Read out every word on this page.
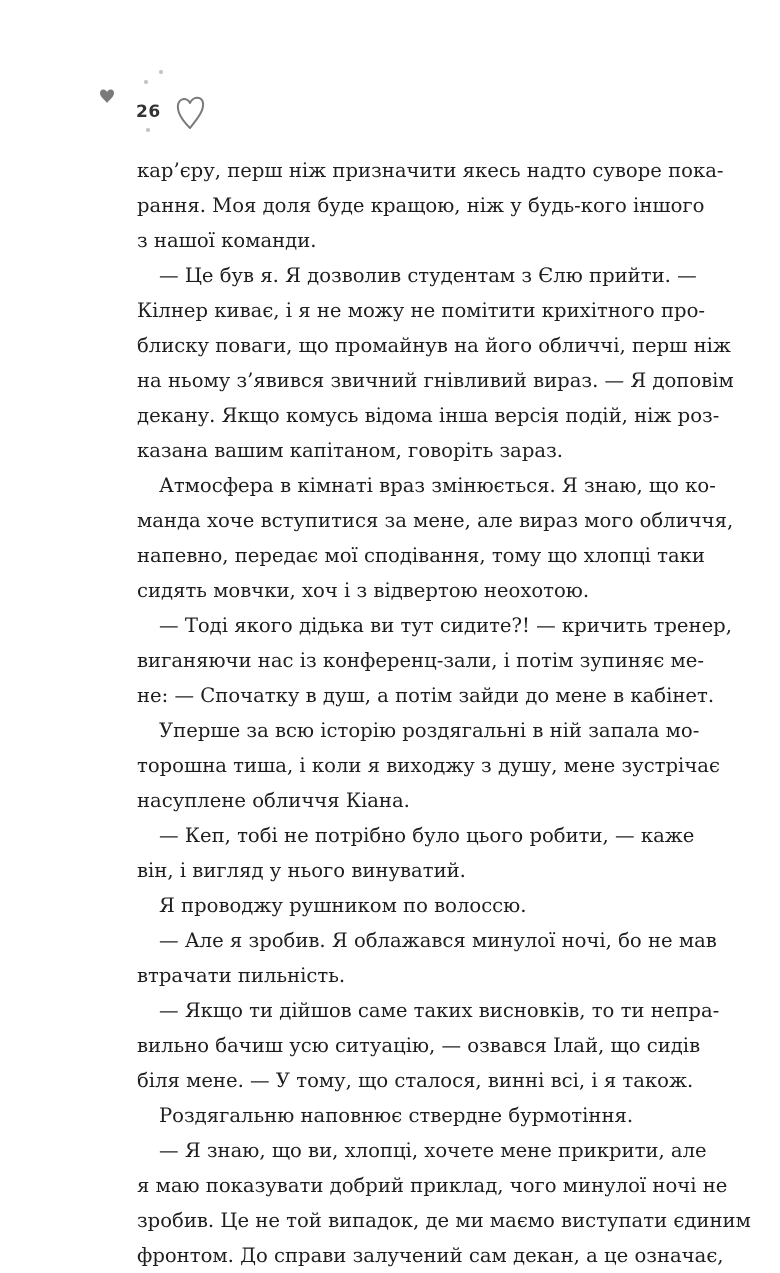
26
кар’єру, перш ніж призначити якесь надто суворе пока-
рання. Моя доля буде кращою, ніж у будь-кого іншого
з нашої команди.
— Це був я. Я дозволив студентам з Єлю прийти. —
Кілнер киває, і я не можу не помітити крихітного про-
блиску поваги, що промайнув на його обличчі, перш ніж
на ньому з’явився звичний гнівливий вираз. — Я доповім
декану. Якщо комусь відома інша версія подій, ніж роз-
казана вашим капітаном, говоріть зараз.
Атмосфера в кімнаті враз змінюється. Я знаю, що ко-
манда хоче вступитися за мене, але вираз мого обличчя,
напевно, передає мої сподівання, тому що хлопці таки
сидять мовчки, хоч і з відвертою неохотою.
— Тоді якого дідька ви тут сидите?! — кричить тренер,
виганяючи нас із конференц-зали, і потім зупиняє ме-
не: — Спочатку в душ, а потім зайди до мене в кабінет.
Уперше за всю історію роздягальні в ній запала мо-
торошна тиша, і коли я виходжу з душу, мене зустрічає
насуплене обличчя Кіана.
— Кеп, тобі не потрібно було цього робити, — каже
він, і вигляд у нього винуватий.
Я проводжу рушником по волоссю.
— Але я зробив. Я облажався минулої ночі, бо не мав
втрачати пильність.
— Якщо ти дійшов саме таких висновків, то ти непра-
вильно бачиш усю ситуацію, — озвався Ілай, що сидів
біля мене. — У тому, що сталося, винні всі, і я також.
Роздягальню наповнює ствердне бурмотіння.
— Я знаю, що ви, хлопці, хочете мене прикрити, але
я маю показувати добрий приклад, чого минулої ночі не
зробив. Це не той випадок, де ми маємо виступати єдиним
фронтом. До справи залучений сам декан, а це означає,
